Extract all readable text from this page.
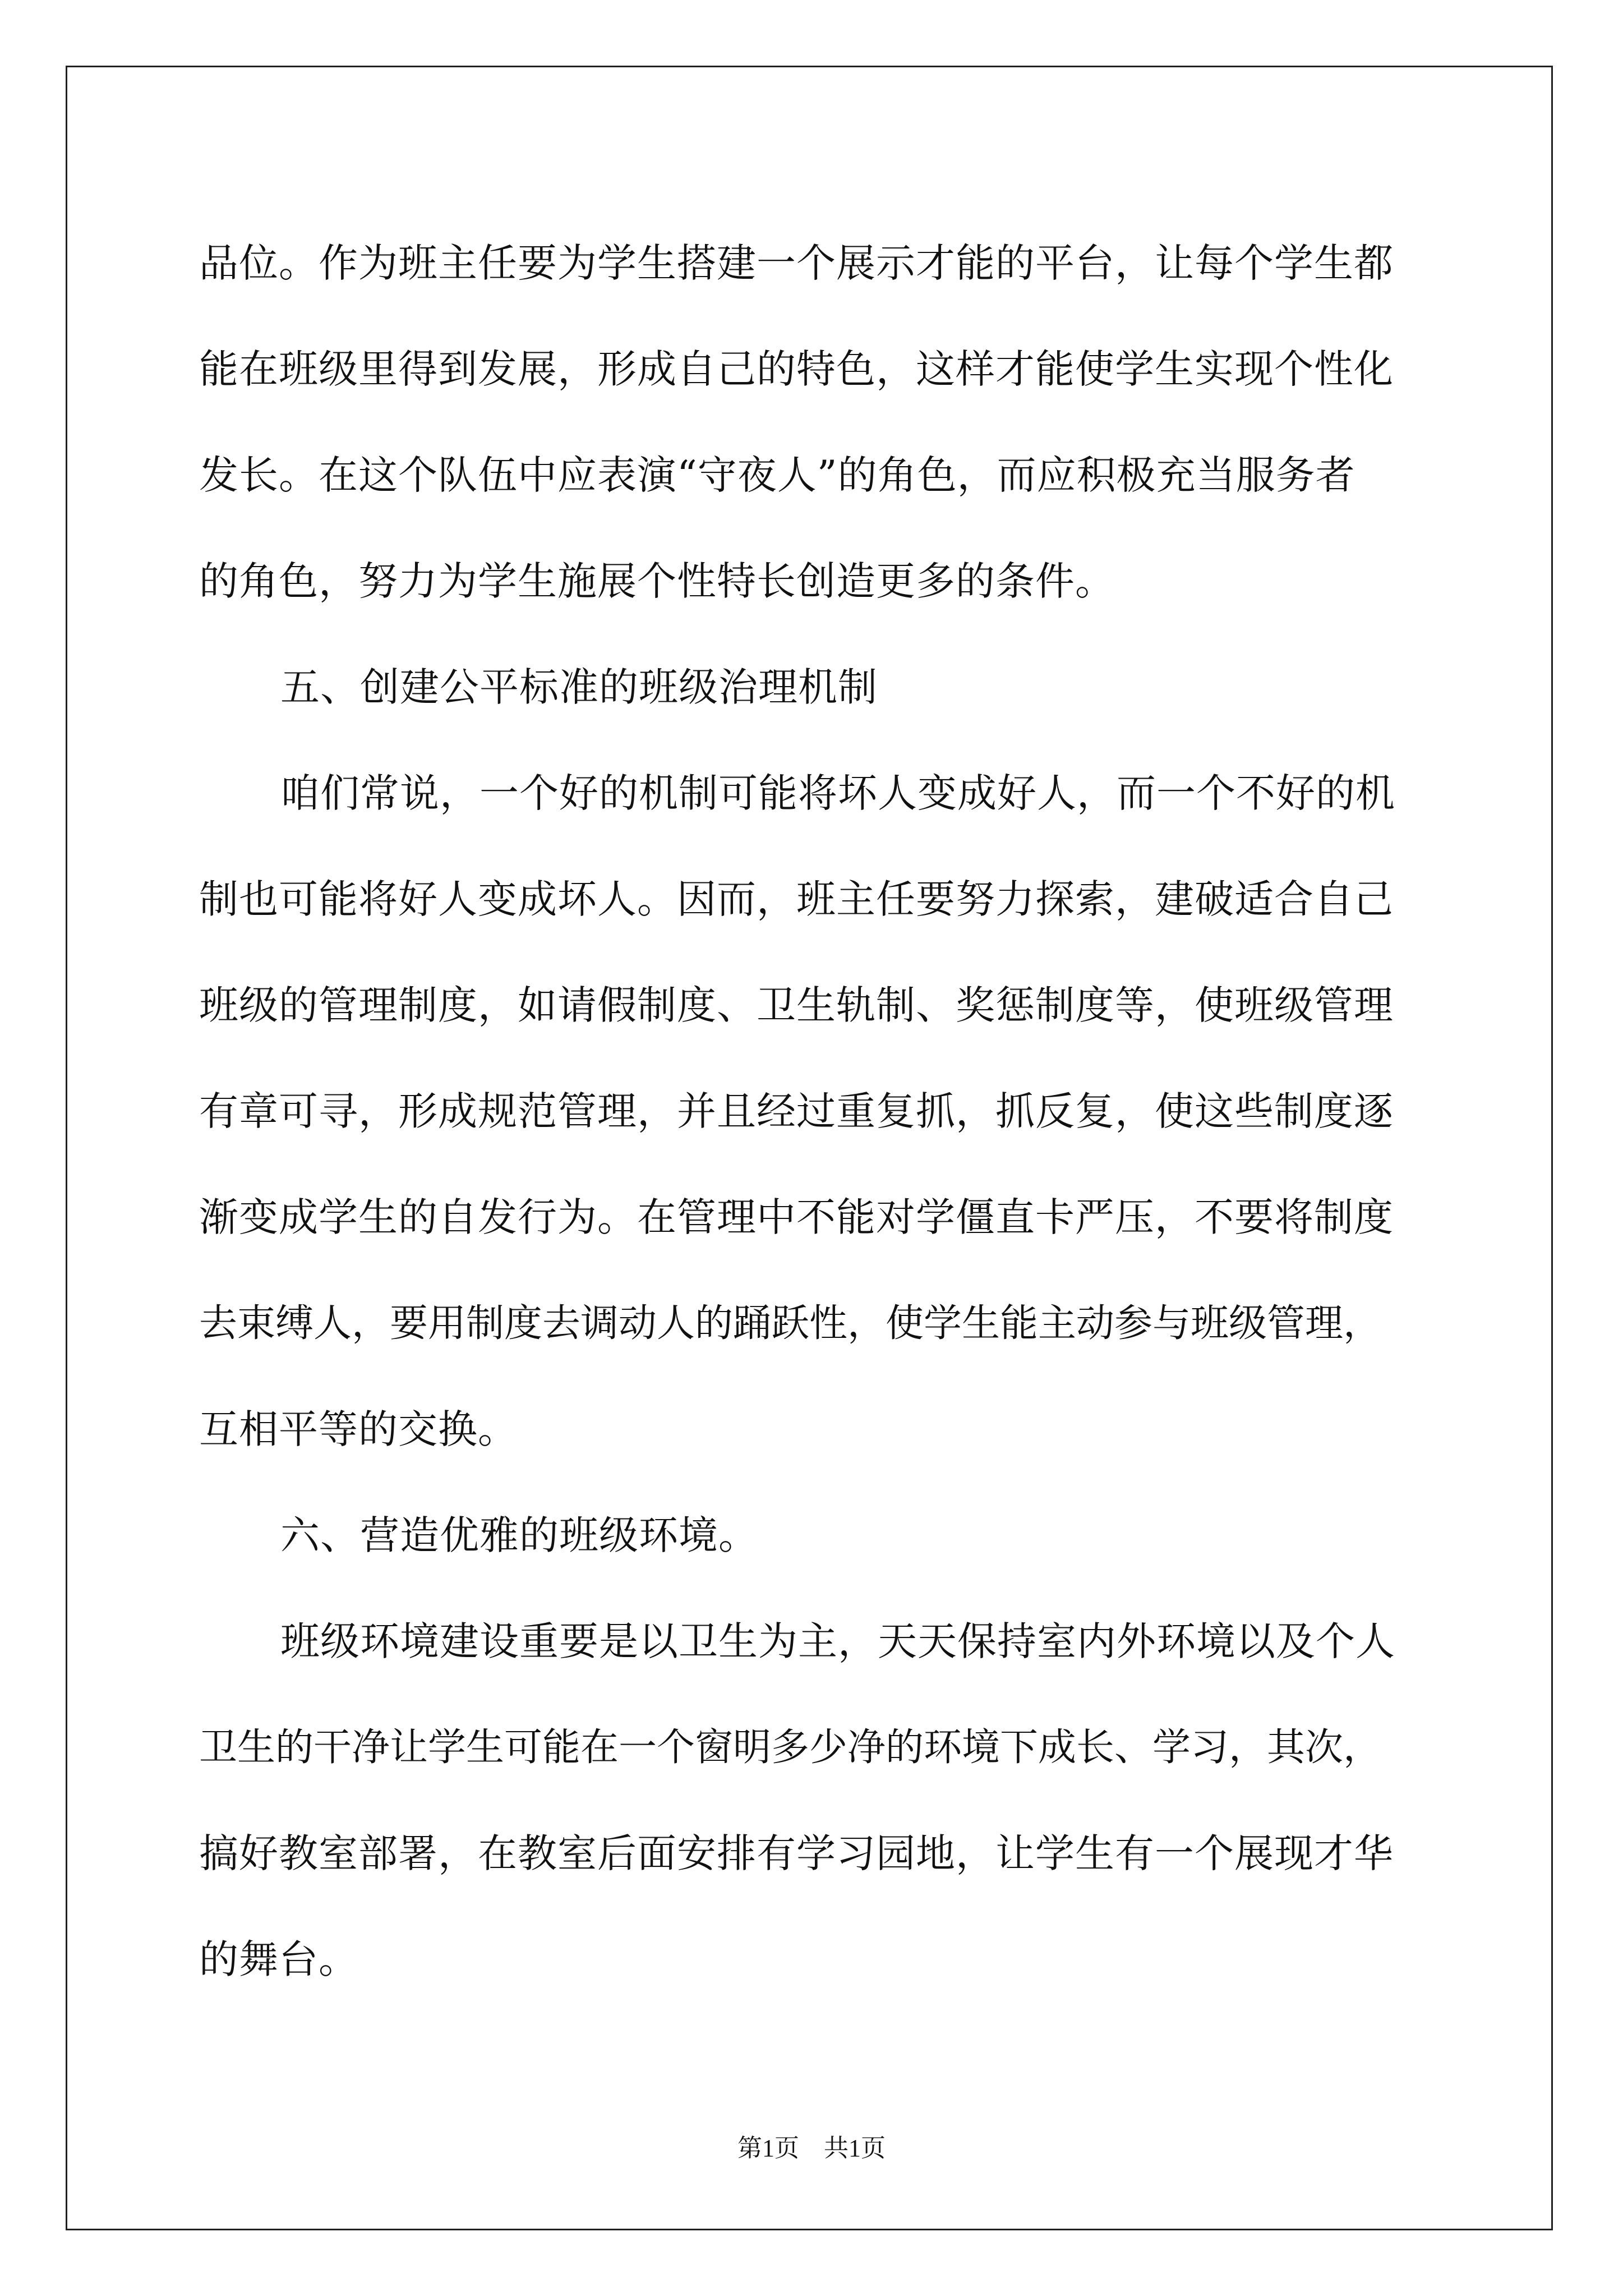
品位。作为班主任要为学生搭建一个展示才能的平台，让每个学生都
能在班级里得到发展，形成自己的特色，这样才能使学生实现个性化
发长。在这个队伍中应表演“守夜人”的角色，而应积极充当服务者
的角色，努力为学生施展个性特长创造更多的条件。
五、创建公平标准的班级治理机制
咱们常说，一个好的机制可能将坏人变成好人，而一个不好的机
制也可能将好人变成坏人。因而，班主任要努力探索，建破适合自己
班级的管理制度，如请假制度、卫生轨制、奖惩制度等，使班级管理
有章可寻，形成规范管理，并且经过重复抓，抓反复，使这些制度逐
渐变成学生的自发行为。在管理中不能对学僵直卡严压，不要将制度
去束缚人，要用制度去调动人的踊跃性，使学生能主动参与班级管理，
互相平等的交换。
六、营造优雅的班级环境。
班级环境建设重要是以卫生为主，天天保持室内外环境以及个人
卫生的干净让学生可能在一个窗明多少净的环境下成长、学习，其次，
搞好教室部署，在教室后面安排有学习园地，让学生有一个展现才华
的舞台。
第1页　共1页
